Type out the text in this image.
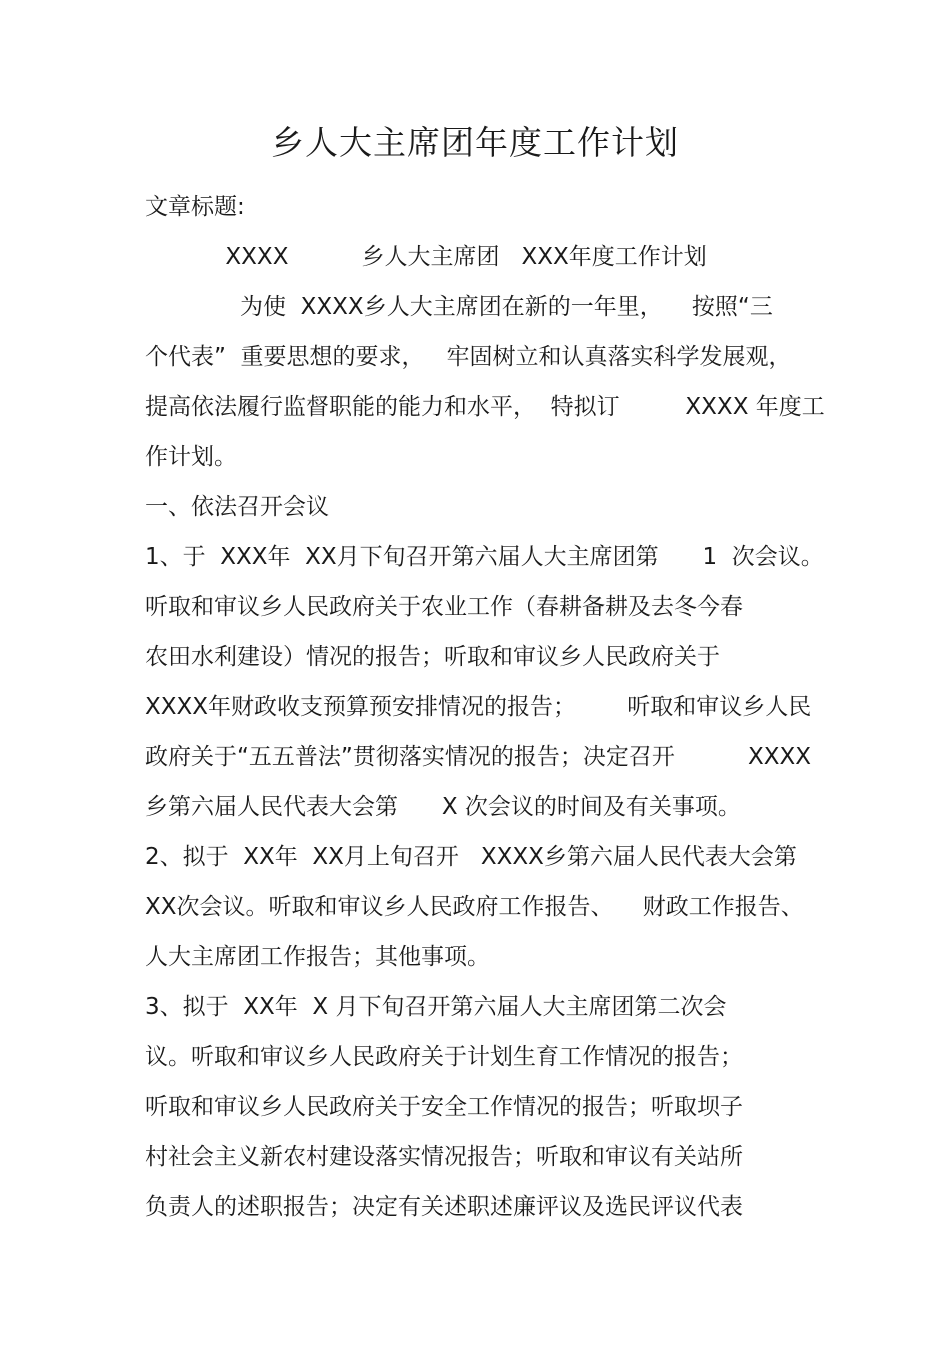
乡人大主席团年度工作计划
文章标题:
XXXX          乡人大主席团   XXX年度工作计划
为使  XXXX乡人大主席团在新的一年里，    按照“三
个代表”  重要思想的要求，   牢固树立和认真落实科学发展观，
提高依法履行监督职能的能力和水平，  特拟订         XXXX 年度工
作计划。
一、依法召开会议
1、于  XXX年  XX月下旬召开第六届人大主席团第      1  次会议。
听取和审议乡人民政府关于农业工作（春耕备耕及去冬今春
农田水利建设）情况的报告；听取和审议乡人民政府关于
XXXX年财政收支预算预安排情况的报告；       听取和审议乡人民
政府关于“五五普法”贯彻落实情况的报告；决定召开          XXXX
乡第六届人民代表大会第      X 次会议的时间及有关事项。
2、拟于  XX年  XX月上旬召开   XXXX乡第六届人民代表大会第
XX次会议。听取和审议乡人民政府工作报告、    财政工作报告、
人大主席团工作报告；其他事项。
3、拟于  XX年  X 月下旬召开第六届人大主席团第二次会
议。听取和审议乡人民政府关于计划生育工作情况的报告；
听取和审议乡人民政府关于安全工作情况的报告；听取坝子
村社会主义新农村建设落实情况报告；听取和审议有关站所
负责人的述职报告；决定有关述职述廉评议及选民评议代表
